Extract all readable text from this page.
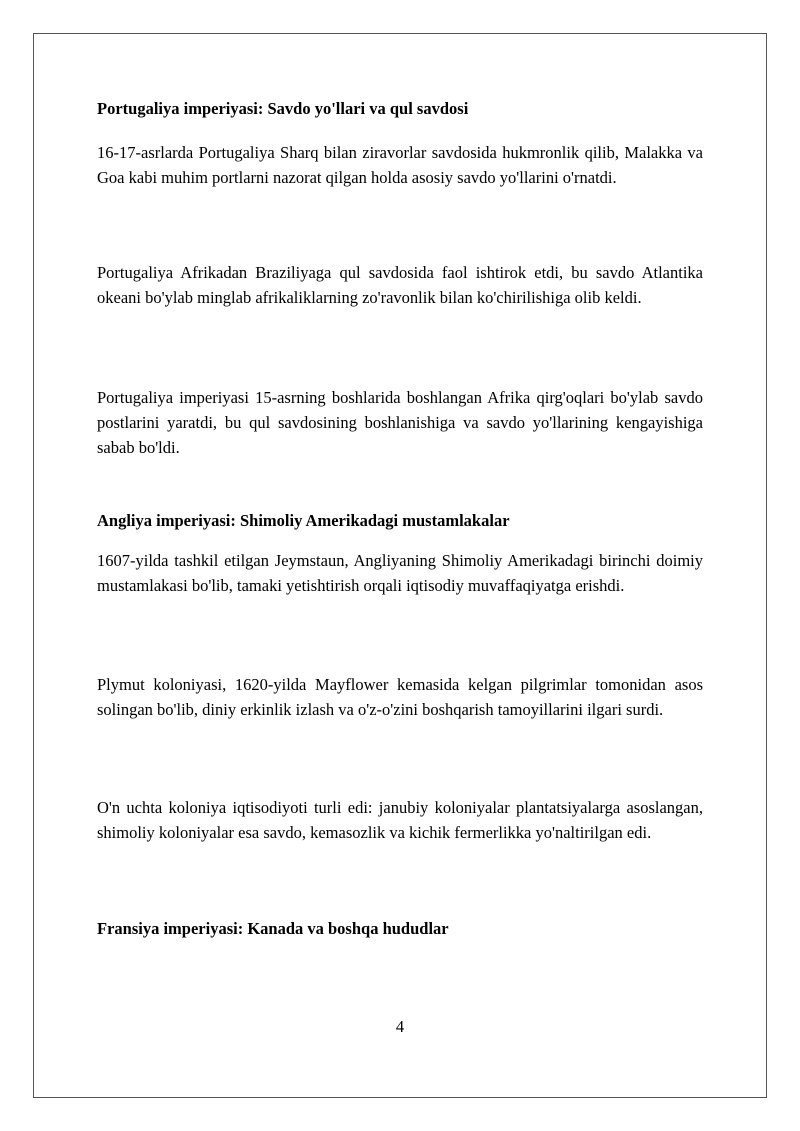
Portugaliya imperiyasi: Savdo yo'llari va qul savdosi

16-17-asrlarda Portugaliya Sharq bilan ziravorlar savdosida hukmronlik qilib, Malakka va Goa kabi muhim portlarni nazorat qilgan holda asosiy savdo yo'llarini o'rnatdi.

Portugaliya Afrikadan Braziliyaga qul savdosida faol ishtirok etdi, bu savdo Atlantika okeani bo'ylab minglab afrikaliklarning zo'ravonlik bilan ko'chirilishiga olib keldi.

Portugaliya imperiyasi 15-asrning boshlarida boshlangan Afrika qirg'oqlari bo'ylab savdo postlarini yaratdi, bu qul savdosining boshlanishiga va savdo yo'llarining kengayishiga sabab bo'ldi.

Angliya imperiyasi: Shimoliy Amerikadagi mustamlakalar

1607-yilda tashkil etilgan Jeymstaun, Angliyaning Shimoliy Amerikadagi birinchi doimiy mustamlakasi bo'lib, tamaki yetishtirish orqali iqtisodiy muvaffaqiyatga erishdi.

Plymut koloniyasi, 1620-yilda Mayflower kemasida kelgan pilgrimlar tomonidan asos solingan bo'lib, diniy erkinlik izlash va o'z-o'zini boshqarish tamoyillarini ilgari surdi.

O'n uchta koloniya iqtisodiyoti turli edi: janubiy koloniyalar plantatsiyalarga asoslangan, shimoliy koloniyalar esa savdo, kemasozlik va kichik fermerlikka yo'naltirilgan edi.

Fransiya imperiyasi: Kanada va boshqa hududlar
4
